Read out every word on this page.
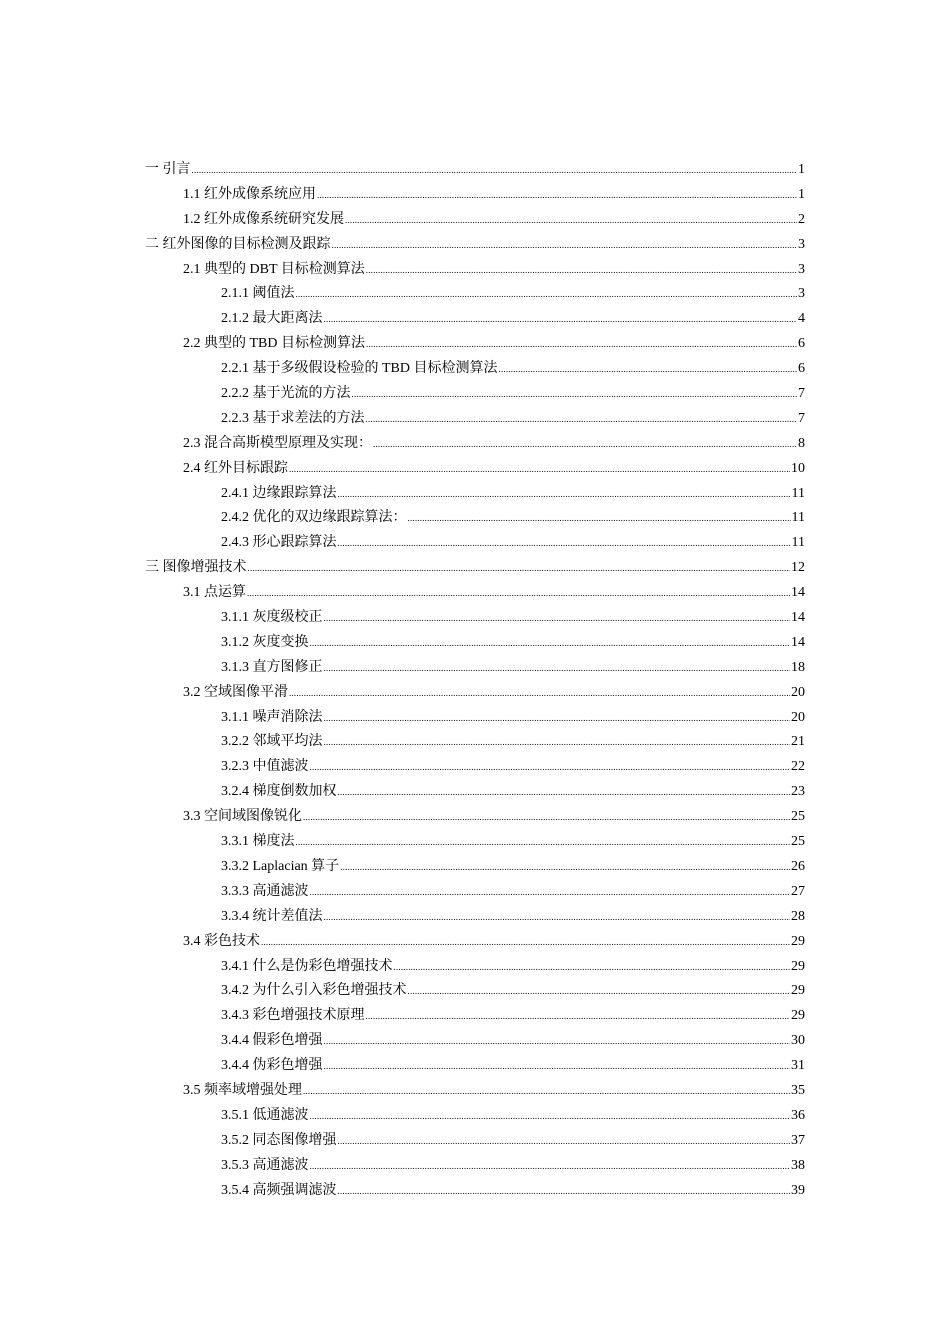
一 引言 .....	1
1.1 红外成像系统应用 .....	1
1.2 红外成像系统研究发展 .....	2
二 红外图像的目标检测及跟踪 .....	3
2.1 典型的 DBT 目标检测算法 .....	3
2.1.1 阈值法 .....	3
2.1.2 最大距离法 .....	4
2.2 典型的 TBD 目标检测算法 .....	6
2.2.1 基于多级假设检验的 TBD 目标检测算法 .....	6
2.2.2 基于光流的方法 .....	7
2.2.3 基于求差法的方法 .....	7
2.3 混合高斯模型原理及实现： .....	8
2.4 红外目标跟踪 .....	10
2.4.1 边缘跟踪算法 .....	11
2.4.2 优化的双边缘跟踪算法： .....	11
2.4.3 形心跟踪算法 .....	11
三 图像增强技术 .....	12
3.1 点运算 .....	14
3.1.1 灰度级校正 .....	14
3.1.2 灰度变换 .....	14
3.1.3 直方图修正 .....	18
3.2 空域图像平滑 .....	20
3.1.1 噪声消除法 .....	20
3.2.2 邻域平均法 .....	21
3.2.3 中值滤波 .....	22
3.2.4 梯度倒数加权 .....	23
3.3 空间域图像锐化 .....	25
3.3.1 梯度法 .....	25
3.3.2 Laplacian 算子 .....	26
3.3.3 高通滤波 .....	27
3.3.4 统计差值法 .....	28
3.4 彩色技术 .....	29
3.4.1 什么是伪彩色增强技术 .....	29
3.4.2 为什么引入彩色增强技术 .....	29
3.4.3 彩色增强技术原理 .....	29
3.4.4 假彩色增强 .....	30
3.4.4 伪彩色增强 .....	31
3.5 频率域增强处理 .....	35
3.5.1 低通滤波 .....	36
3.5.2 同态图像增强 .....	37
3.5.3 高通滤波 .....	38
3.5.4 高频强调滤波 .....	39
